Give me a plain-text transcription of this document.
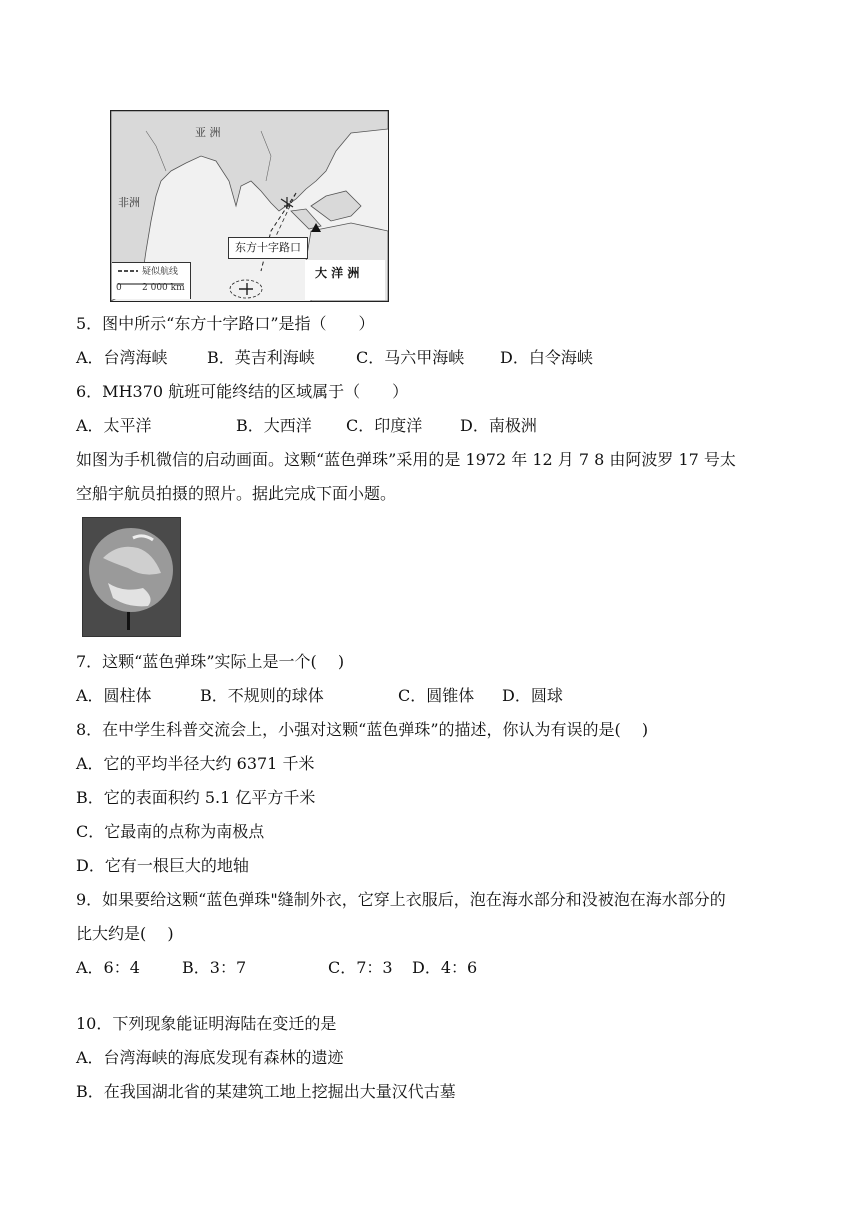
亚 洲
非洲
东方十字路口
大 洋 洲
疑似航线
0 2 000 km
5．图中所示“东方十字路口”是指（　　）
A．台湾海峡 B．英吉利海峡	C．马六甲海峡 D．白令海峡
6．MH370 航班可能终结的区域属于（　　）
A．太平洋	B．大西洋 C．印度洋 D．南极洲
如图为手机微信的启动画面。这颗“蓝色弹珠”采用的是 1972 年 12 月 7 8 由阿波罗 17 号太
空船宇航员拍摄的照片。据此完成下面小题。
7．这颗“蓝色弹珠”实际上是一个(　 )
A．圆柱体	B．不规则的球体	C．圆锥体 D．圆球
8．在中学生科普交流会上，小强对这颗“蓝色弹珠”的描述，你认为有误的是(　 )
A．它的平均半径大约 6371 千米
B．它的表面积约 5.1 亿平方千米
C．它最南的点称为南极点
D．它有一根巨大的地轴
9．如果要给这颗“蓝色弹珠"缝制外衣，它穿上衣服后，泡在海水部分和没被泡在海水部分的
比大约是(　 )
A．6：4	B．3：7	C．7：3 D．4：6
10．下列现象能证明海陆在变迁的是
A．台湾海峡的海底发现有森林的遗迹
B．在我国湖北省的某建筑工地上挖掘出大量汉代古墓
